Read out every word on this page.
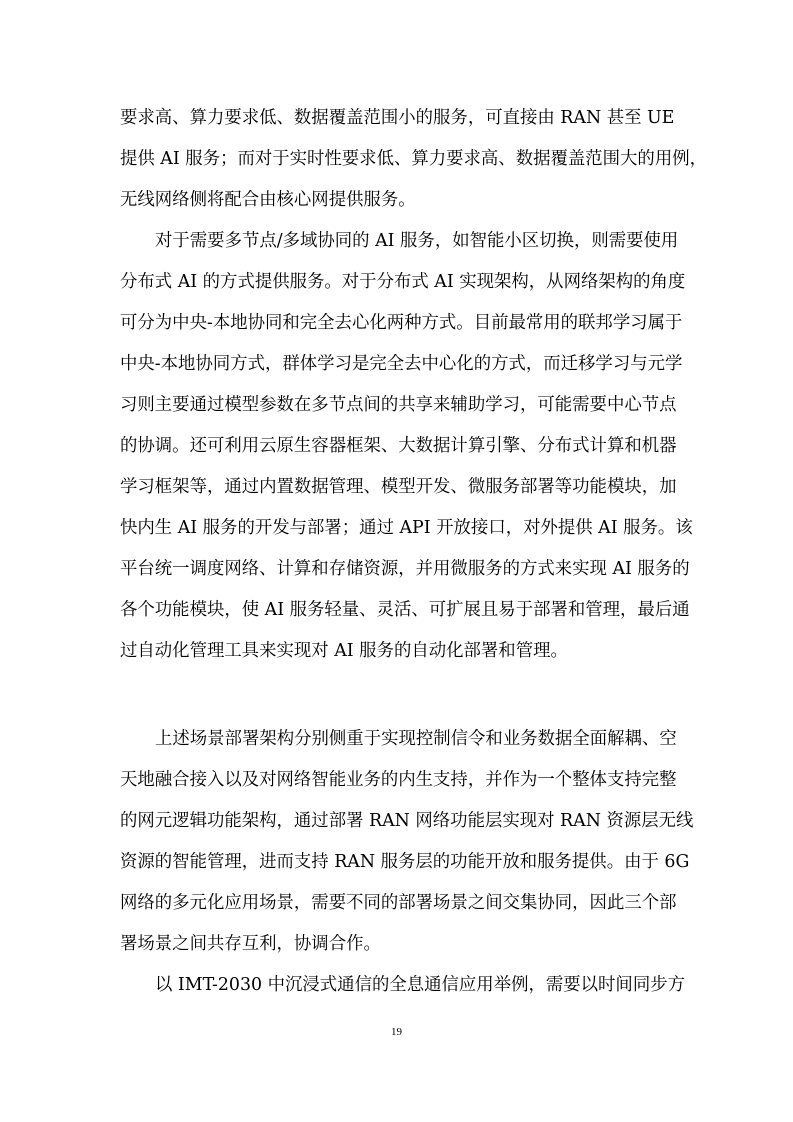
要求高、算力要求低、数据覆盖范围小的服务，可直接由 RAN 甚至 UE
提供 AI 服务；而对于实时性要求低、算力要求高、数据覆盖范围大的用例，
无线网络侧将配合由核心网提供服务。
对于需要多节点/多域协同的 AI 服务，如智能小区切换，则需要使用
分布式 AI 的方式提供服务。对于分布式 AI 实现架构，从网络架构的角度
可分为中央-本地协同和完全去心化两种方式。目前最常用的联邦学习属于
中央-本地协同方式，群体学习是完全去中心化的方式，而迁移学习与元学
习则主要通过模型参数在多节点间的共享来辅助学习，可能需要中心节点
的协调。还可利用云原生容器框架、大数据计算引擎、分布式计算和机器
学习框架等，通过内置数据管理、模型开发、微服务部署等功能模块，加
快内生 AI 服务的开发与部署；通过 API 开放接口，对外提供 AI 服务。该
平台统一调度网络、计算和存储资源，并用微服务的方式来实现 AI 服务的
各个功能模块，使 AI 服务轻量、灵活、可扩展且易于部署和管理，最后通
过自动化管理工具来实现对 AI 服务的自动化部署和管理。
上述场景部署架构分别侧重于实现控制信令和业务数据全面解耦、空
天地融合接入以及对网络智能业务的内生支持，并作为一个整体支持完整
的网元逻辑功能架构，通过部署 RAN 网络功能层实现对 RAN 资源层无线
资源的智能管理，进而支持 RAN 服务层的功能开放和服务提供。由于 6G
网络的多元化应用场景，需要不同的部署场景之间交集协同，因此三个部
署场景之间共存互利，协调合作。
以 IMT-2030 中沉浸式通信的全息通信应用举例，需要以时间同步方
19
